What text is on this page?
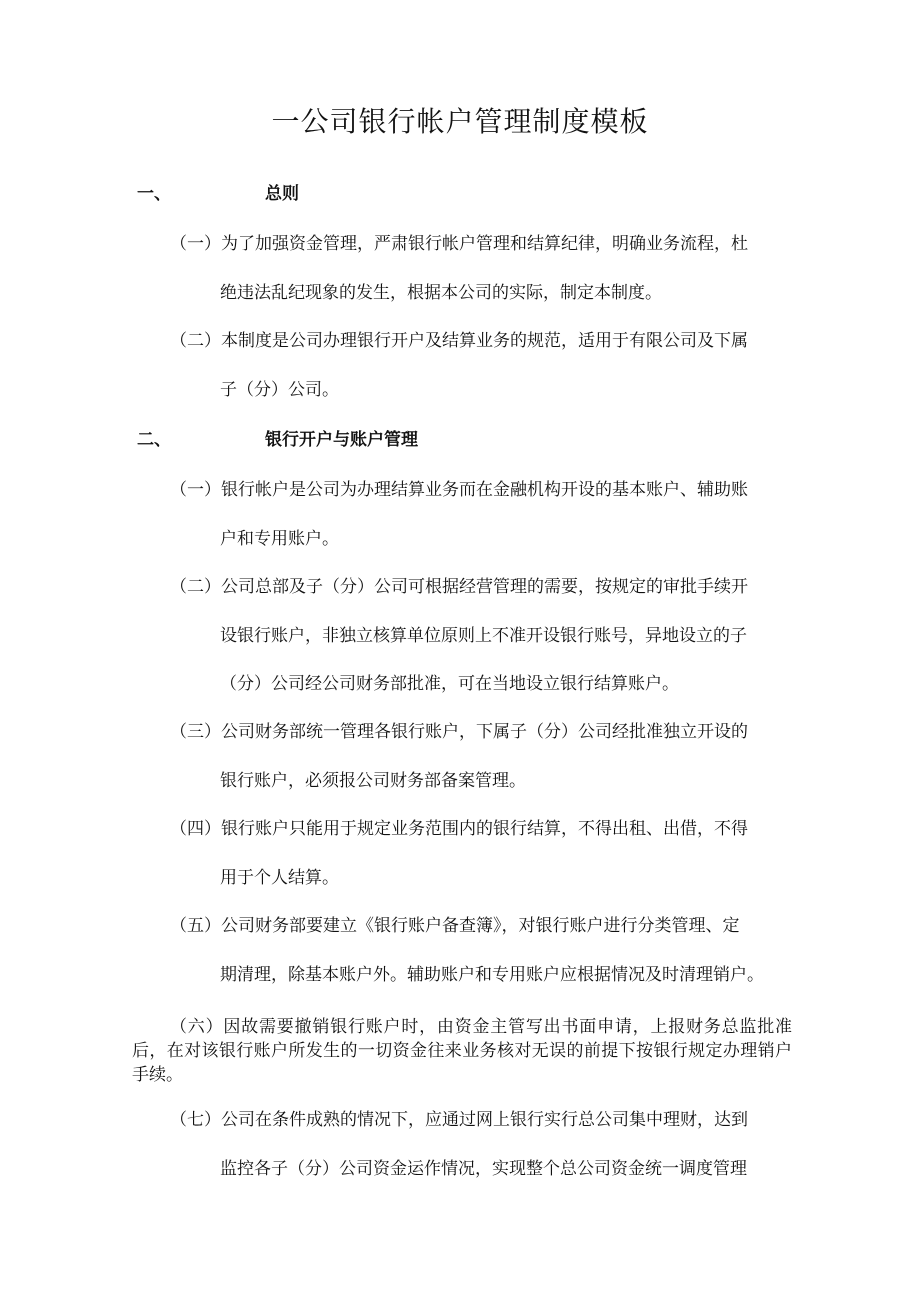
一公司银行帐户管理制度模板
一、	总则
（一）为了加强资金管理，严肃银行帐户管理和结算纪律，明确业务流程，杜
绝违法乱纪现象的发生，根据本公司的实际，制定本制度。
（二）本制度是公司办理银行开户及结算业务的规范，适用于有限公司及下属
子（分）公司。
二、	银行开户与账户管理
（一）银行帐户是公司为办理结算业务而在金融机构开设的基本账户、辅助账
户和专用账户。
（二）公司总部及子（分）公司可根据经营管理的需要，按规定的审批手续开
设银行账户，非独立核算单位原则上不准开设银行账号，异地设立的子
（分）公司经公司财务部批准，可在当地设立银行结算账户。
（三）公司财务部统一管理各银行账户，下属子（分）公司经批准独立开设的
银行账户，必须报公司财务部备案管理。
（四）银行账户只能用于规定业务范围内的银行结算，不得出租、出借，不得
用于个人结算。
（五）公司财务部要建立《银行账户备查簿》，对银行账户进行分类管理、定
期清理，除基本账户外。辅助账户和专用账户应根据情况及时清理销户。
（六）因故需要撤销银行账户时，由资金主管写出书面申请，上报财务总监批准后，在对该银行账户所发生的一切资金往来业务核对无误的前提下按银行规定办理销户手续。
（七）公司在条件成熟的情况下，应通过网上银行实行总公司集中理财，达到
监控各子（分）公司资金运作情况，实现整个总公司资金统一调度管理
